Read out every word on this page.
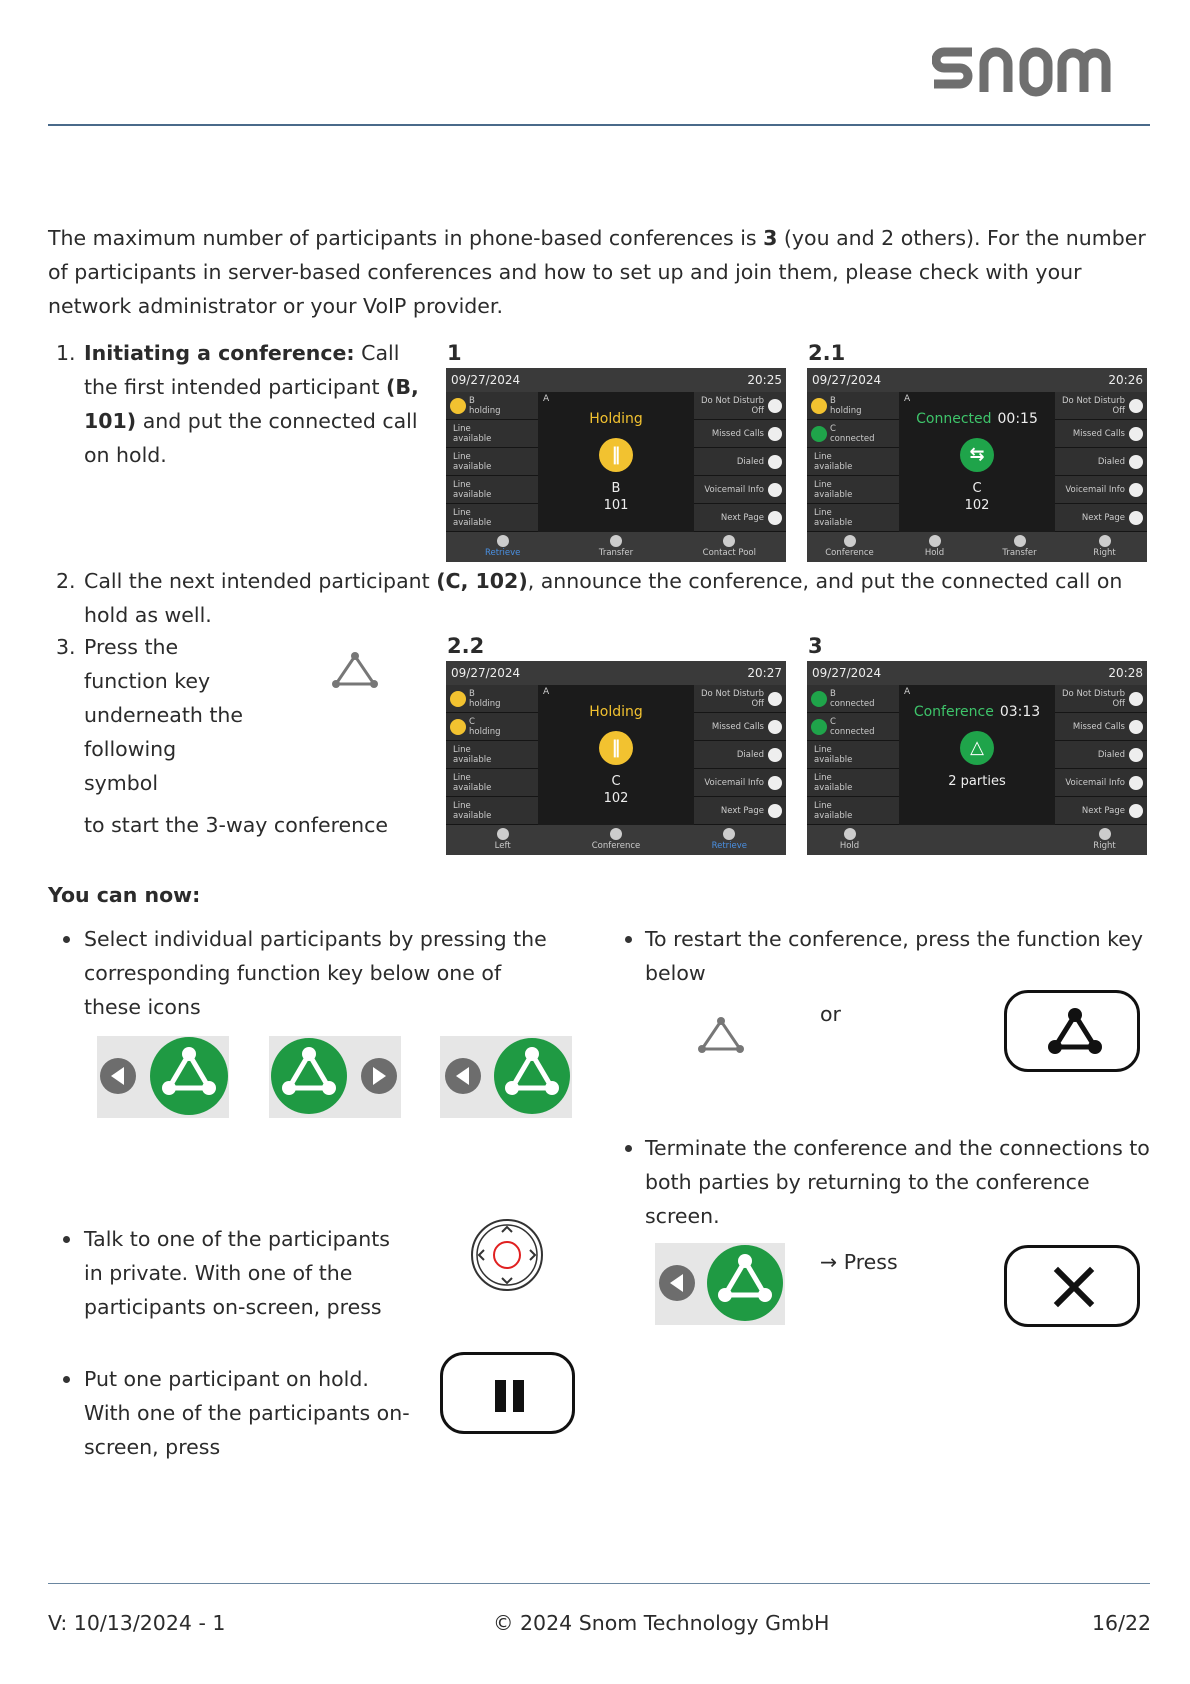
The maximum number of participants in phone-based conferences is 3 (you and 2 others). For the number of participants in server-based conferences and how to set up and join them, please check with your network administrator or your VoIP provider.

1. Initiating a conference: Call the first intended participant (B, 101) and put the connected call on hold.

2. Call the next intended participant (C, 102), announce the conference, and put the connected call on hold as well.

3. Press the function key underneath the following symbol

to start the 3-way conference

1	2.1
2.2	3
09/27/2024	20:25
B
holding
Line
available
Line
available
Line
available
Line
available
A
Holding
‖
B
101
Do Not Disturb Off
Missed Calls
Dialed
Voicemail Info
Next Page
Retrieve	Transfer	Contact Pool
09/27/2024	20:26
B
holding
C
connected
Line
available
Line
available
Line
available
A
Connected 00:15
⇆
C
102
Do Not Disturb Off
Missed Calls
Dialed
Voicemail Info
Next Page
Conference	Hold	Transfer	Right
09/27/2024	20:27
B
holding
C
holding
Line
available
Line
available
Line
available
A
Holding
‖
C
102
Do Not Disturb Off
Missed Calls
Dialed
Voicemail Info
Next Page
Left	Conference	Retrieve
09/27/2024	20:28
B
connected
C
connected
Line
available
Line
available
Line
available
A
Conference 03:13
△
2 parties
Do Not Disturb Off
Missed Calls
Dialed
Voicemail Info
Next Page
Hold	Right
You can now:

Select individual participants by pressing the corresponding function key below one of these icons

Talk to one of the participants in private. With one of the participants on-screen, press

Put one participant on hold. With one of the participants on-screen, press

To restart the conference, press the function key below

or

Terminate the conference and the connections to both parties by returning to the conference screen.

→ Press
V: 10/13/2024 - 1	© 2024 Snom Technology GmbH	16/22
